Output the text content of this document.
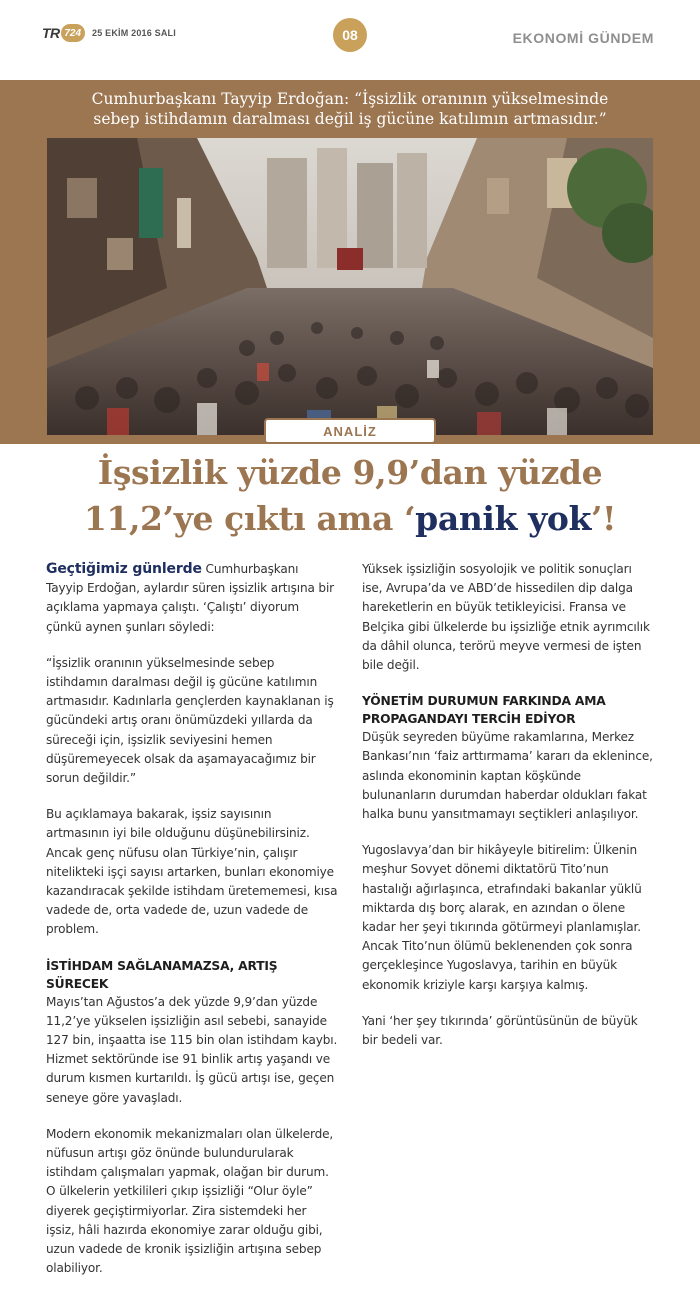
TR 724	25 EKİM 2016 SALI	08	EKONOMİ GÜNDEM
Cumhurbaşkanı Tayyip Erdoğan: “İşsizlik oranının yükselmesinde
sebep istihdamın daralması değil iş gücüne katılımın artmasıdır.”
ANALİZ
İşsizlik yüzde 9,9’dan yüzde
11,2’ye çıktı ama ‘panik yok’!

Geçtiğimiz günlerde Cumhurbaşkanı Tayyip Erdoğan, aylardır süren işsizlik artışına bir açıklama yapmaya çalıştı. ‘Çalıştı’ diyorum çünkü aynen şunları söyledi:

“İşsizlik oranının yükselmesinde sebep istihdamın daralması değil iş gücüne katılımın artmasıdır. Kadınlarla gençlerden kaynaklanan iş gücündeki artış oranı önümüzdeki yıllarda da süreceği için, işsizlik seviyesini hemen düşüremeyecek olsak da aşamayacağımız bir sorun değildir.”

Bu açıklamaya bakarak, işsiz sayısının artmasının iyi bile olduğunu düşünebilirsiniz. Ancak genç nüfusu olan Türkiye’nin, çalışır nitelikteki işçi sayısı artarken, bunları ekonomiye kazandıracak şekilde istihdam üretememesi, kısa vadede de, orta vadede de, uzun vadede de problem.

İSTİHDAM SAĞLANAMAZSA, ARTIŞ SÜRECEK

Mayıs’tan Ağustos’a dek yüzde 9,9’dan yüzde 11,2’ye yükselen işsizliğin asıl sebebi, sanayide 127 bin, inşaatta ise 115 bin olan istihdam kaybı. Hizmet sektöründe ise 91 binlik artış yaşandı ve durum kısmen kurtarıldı. İş gücü artışı ise, geçen seneye göre yavaşladı.

Modern ekonomik mekanizmaları olan ülkelerde, nüfusun artışı göz önünde bulundurularak istihdam çalışmaları yapmak, olağan bir durum. O ülkelerin yetkilileri çıkıp işsizliği “Olur öyle” diyerek geçiştirmiyorlar. Zira sistemdeki her işsiz, hâli hazırda ekonomiye zarar olduğu gibi, uzun vadede de kronik işsizliğin artışına sebep olabiliyor.

Yüksek işsizliğin sosyolojik ve politik sonuçları ise, Avrupa’da ve ABD’de hissedilen dip dalga hareketlerin en büyük tetikleyicisi. Fransa ve Belçika gibi ülkelerde bu işsizliğe etnik ayrımcılık da dâhil olunca, terörü meyve vermesi de işten bile değil.

YÖNETİM DURUMUN FARKINDA AMA PROPAGANDAYI TERCİH EDİYOR

Düşük seyreden büyüme rakamlarına, Merkez Bankası’nın ‘faiz arttırmama’ kararı da eklenince, aslında ekonominin kaptan köşkünde bulunanların durumdan haberdar oldukları fakat halka bunu yansıtmamayı seçtikleri anlaşılıyor.

Yugoslavya’dan bir hikâyeyle bitirelim: Ülkenin meşhur Sovyet dönemi diktatörü Tito’nun hastalığı ağırlaşınca, etrafındaki bakanlar yüklü miktarda dış borç alarak, en azından o ölene kadar her şeyi tıkırında götürmeyi planlamışlar. Ancak Tito’nun ölümü beklenenden çok sonra gerçekleşince Yugoslavya, tarihin en büyük ekonomik kriziyle karşı karşıya kalmış.

Yani ‘her şey tıkırında’ görüntüsünün de büyük bir bedeli var.
